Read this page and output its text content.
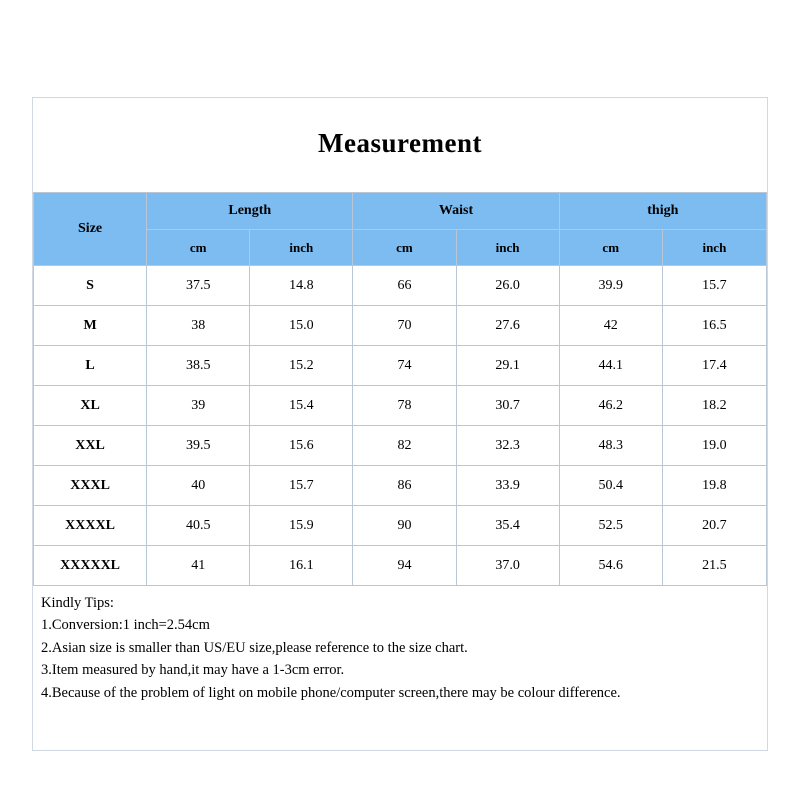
Measurement
Size	Length		Waist		thigh	
	cm	inch	cm	inch	cm	inch
S	37.5	14.8	66	26.0	39.9	15.7
M	38	15.0	70	27.6	42	16.5
L	38.5	15.2	74	29.1	44.1	17.4
XL	39	15.4	78	30.7	46.2	18.2
XXL	39.5	15.6	82	32.3	48.3	19.0
XXXL	40	15.7	86	33.9	50.4	19.8
XXXXL	40.5	15.9	90	35.4	52.5	20.7
XXXXXL	41	16.1	94	37.0	54.6	21.5
Kindly Tips:
1.Conversion:1 inch=2.54cm
2.Asian size is smaller than US/EU size,please reference to the size chart.
3.Item measured by hand,it may have a 1-3cm error.
4.Because of the problem of light on mobile phone/computer screen,there may be colour difference.
